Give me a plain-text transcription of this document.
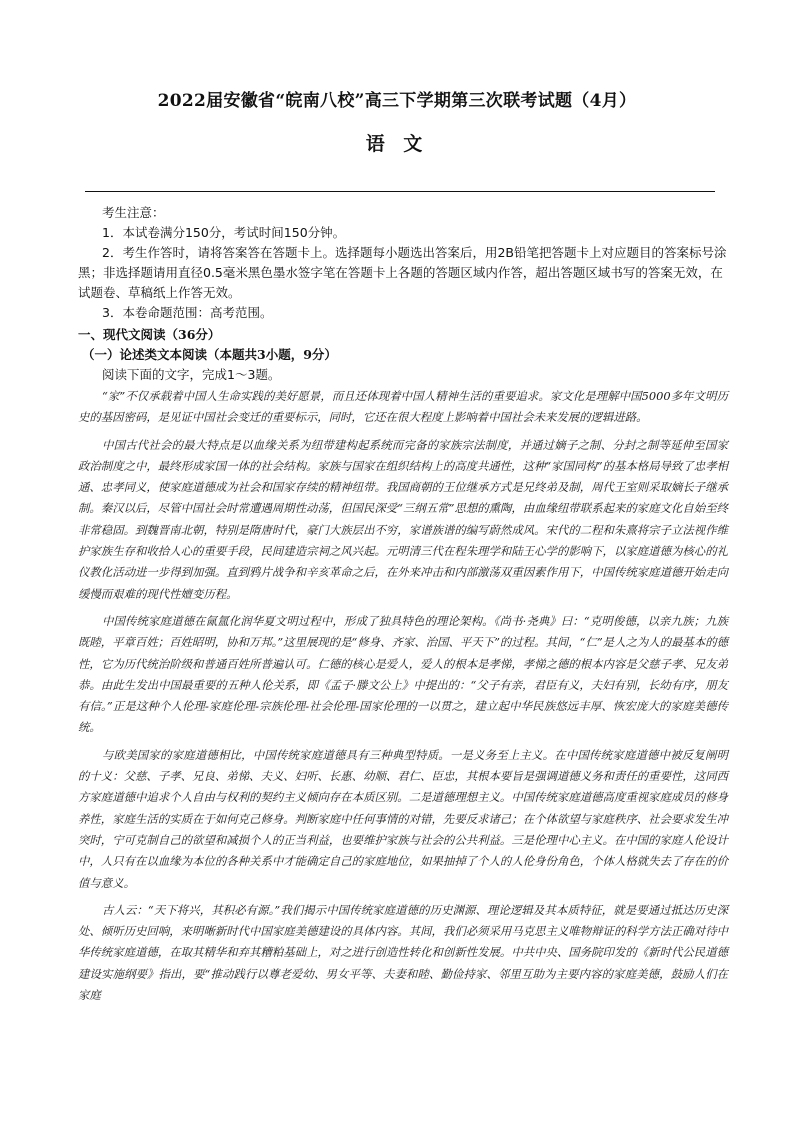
2022届安徽省“皖南八校”高三下学期第三次联考试题（4月）
语 文

考生注意：

1．本试卷满分150分，考试时间150分钟。

2．考生作答时，请将答案答在答题卡上。选择题每小题选出答案后，用2B铅笔把答题卡上对应题目的答案标号涂黑；非选择题请用直径0.5毫米黑色墨水签字笔在答题卡上各题的答题区域内作答，超出答题区域书写的答案无效，在试题卷、草稿纸上作答无效。

3．本卷命题范围：高考范围。

一、现代文阅读（36分）

（一）论述类文本阅读（本题共3小题，9分）

阅读下面的文字，完成1～3题。

“家”不仅承载着中国人生命实践的美好愿景，而且还体现着中国人精神生活的重要追求。家文化是理解中国5000多年文明历史的基因密码，是见证中国社会变迁的重要标示，同时，它还在很大程度上影响着中国社会未来发展的逻辑进路。

中国古代社会的最大特点是以血缘关系为纽带建构起系统而完备的家族宗法制度，并通过嫡子之制、分封之制等延伸至国家政治制度之中，最终形成家国一体的社会结构。家族与国家在组织结构上的高度共通性，这种“家国同构”的基本格局导致了忠孝相通、忠孝同义，使家庭道德成为社会和国家存续的精神纽带。我国商朝的王位继承方式是兄终弟及制，周代王室则采取嫡长子继承制。秦汉以后，尽管中国社会时常遭遇周期性动荡，但国民深受“三纲五常”思想的熏陶，由血缘纽带联系起来的家庭文化自始至终非常稳固。到魏晋南北朝，特别是隋唐时代，豪门大族层出不穷，家谱族谱的编写蔚然成风。宋代的二程和朱熹将宗子立法视作维护家族生存和收拾人心的重要手段，民间建造宗祠之风兴起。元明清三代在程朱理学和陆王心学的影响下，以家庭道德为核心的礼仪教化活动进一步得到加强。直到鸦片战争和辛亥革命之后，在外来冲击和内部激荡双重因素作用下，中国传统家庭道德开始走向缓慢而艰难的现代性嬗变历程。

中国传统家庭道德在氤氲化润华夏文明过程中，形成了独具特色的理论架构。《尚书·尧典》曰：“克明俊德，以亲九族；九族既睦，平章百姓；百姓昭明，协和万邦。”这里展现的是“修身、齐家、治国、平天下”的过程。其间，“仁”是人之为人的最基本的德性，它为历代统治阶级和普通百姓所普遍认可。仁德的核心是爱人，爱人的根本是孝悌，孝悌之德的根本内容是父慈子孝、兄友弟恭。由此生发出中国最重要的五种人伦关系，即《孟子·滕文公上》中提出的：“父子有亲，君臣有义，夫妇有别，长幼有序，朋友有信。”正是这种个人伦理-家庭伦理-宗族伦理-社会伦理-国家伦理的一以贯之，建立起中华民族悠远丰厚、恢宏庞大的家庭美德传统。

与欧美国家的家庭道德相比，中国传统家庭道德具有三种典型特质。一是义务至上主义。在中国传统家庭道德中被反复阐明的十义：父慈、子孝、兄良、弟悌、夫义、妇听、长惠、幼顺、君仁、臣忠，其根本要旨是强调道德义务和责任的重要性，这同西方家庭道德中追求个人自由与权利的契约主义倾向存在本质区别。二是道德理想主义。中国传统家庭道德高度重视家庭成员的修身养性，家庭生活的实质在于如何克己修身。判断家庭中任何事情的对错，先要反求诸己；在个体欲望与家庭秩序、社会要求发生冲突时，宁可克制自己的欲望和减损个人的正当利益，也要维护家族与社会的公共利益。三是伦理中心主义。在中国的家庭人伦设计中，人只有在以血缘为本位的各种关系中才能确定自己的家庭地位，如果抽掉了个人的人伦身份角色，个体人格就失去了存在的价值与意义。

古人云：“天下将兴，其积必有源。”我们揭示中国传统家庭道德的历史渊源、理论逻辑及其本质特征，就是要通过抵达历史深处、倾听历史回响，来明晰新时代中国家庭美德建设的具体内容。其间，我们必须采用马克思主义唯物辩证的科学方法正确对待中华传统家庭道德，在取其精华和弃其糟粕基础上，对之进行创造性转化和创新性发展。中共中央、国务院印发的《新时代公民道德建设实施纲要》指出，要“推动践行以尊老爱幼、男女平等、夫妻和睦、勤俭持家、邻里互助为主要内容的家庭美德，鼓励人们在家庭
